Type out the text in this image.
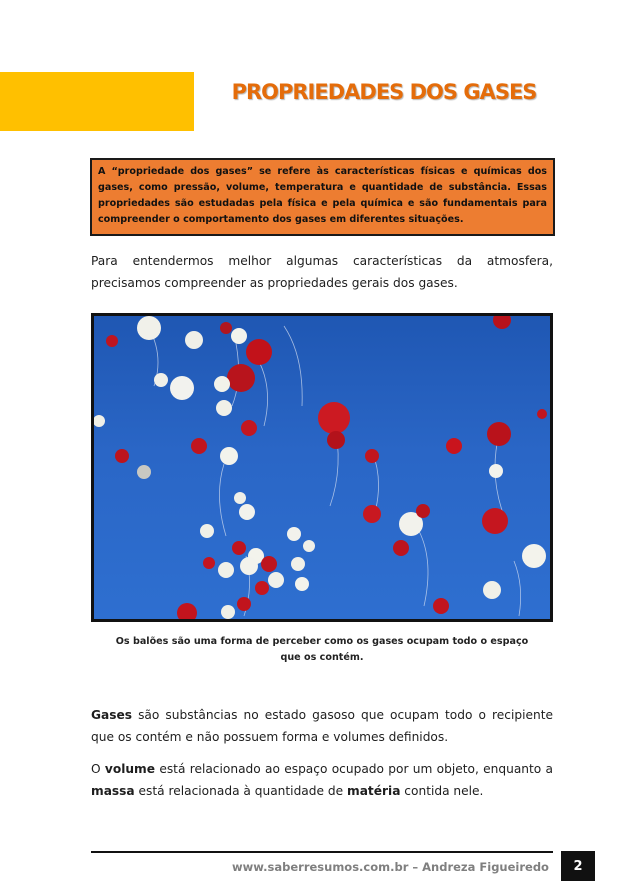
PROPRIEDADES DOS GASES
A “propriedade dos gases” se refere às características físicas e químicas dos gases, como pressão, volume, temperatura e quantidade de substância. Essas propriedades são estudadas pela física e pela química e são fundamentais para compreender o comportamento dos gases em diferentes situações.

Para entendermos melhor algumas características da atmosfera, precisamos compreender as propriedades gerais dos gases.

Os balões são uma forma de perceber como os gases ocupam todo o espaço que os contém.

Gases são substâncias no estado gasoso que ocupam todo o recipiente que os contém e não possuem forma e volumes definidos.

O volume está relacionado ao espaço ocupado por um objeto, enquanto a massa está relacionada à quantidade de matéria contida nele.

www.saberresumos.com.br – Andreza Figueiredo	2
